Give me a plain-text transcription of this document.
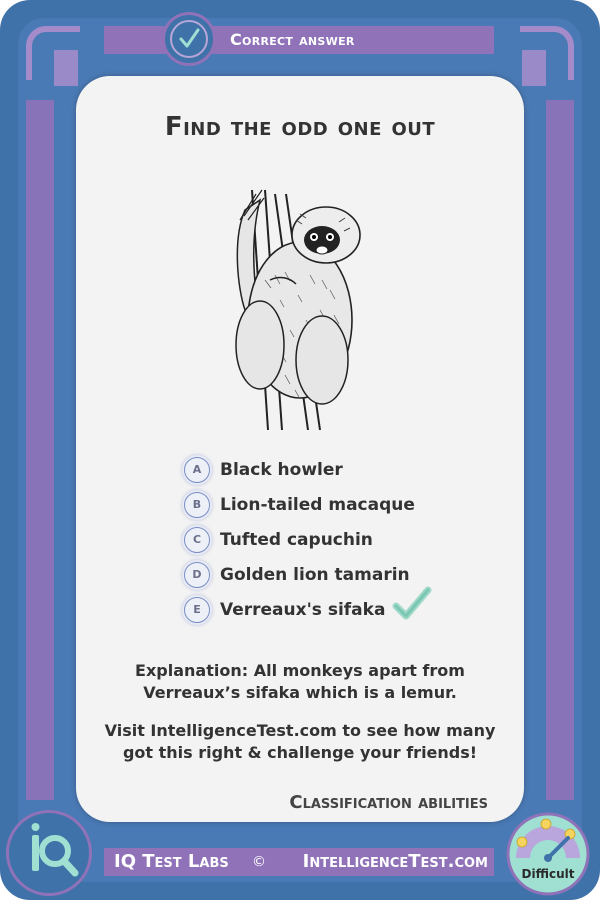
Correct answer
Find the odd one out
A	Black howler
B	Lion-tailed macaque
C	Tufted capuchin
D	Golden lion tamarin
E	Verreaux's sifaka
Explanation: All monkeys apart from
Verreaux’s sifaka which is a lemur.
Visit IntelligenceTest.com to see how many
got this right & challenge your friends!
Classification abilities
IQ Test Labs © IntelligenceTest.com
Difficult
